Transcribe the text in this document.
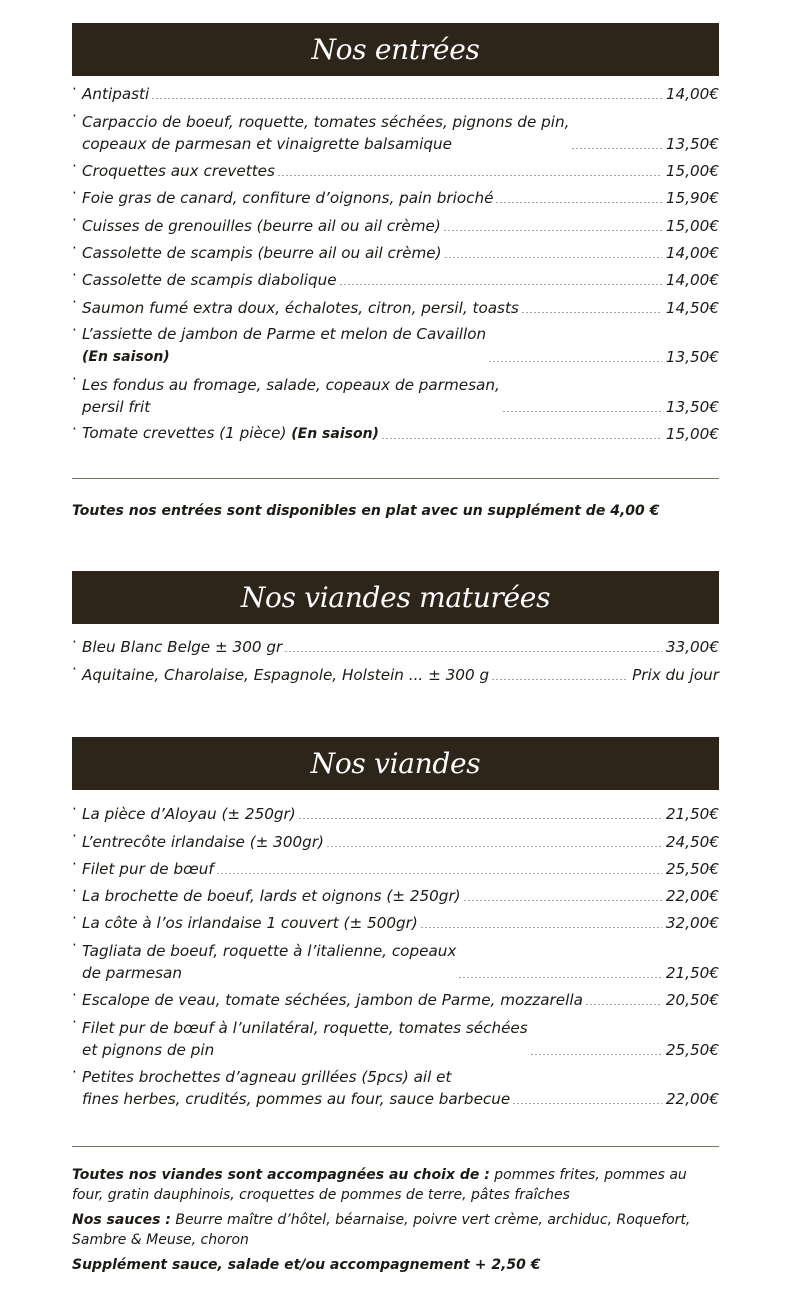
Nos entrées
· Antipasti	14,00€
· Carpaccio de boeuf, roquette, tomates séchées, pignons de pin,
copeaux de parmesan et vinaigrette balsamique	13,50€
· Croquettes aux crevettes	15,00€
· Foie gras de canard, confiture d’oignons, pain brioché	15,90€
· Cuisses de grenouilles (beurre ail ou ail crème)	15,00€
· Cassolette de scampis (beurre ail ou ail crème)	14,00€
· Cassolette de scampis diabolique	14,00€
· Saumon fumé extra doux, échalotes, citron, persil, toasts	14,50€
· L’assiette de jambon de Parme et melon de Cavaillon
(En saison)	13,50€
· Les fondus au fromage, salade, copeaux de parmesan,
persil frit	13,50€
· Tomate crevettes (1 pièce) (En saison)	15,00€
Toutes nos entrées sont disponibles en plat avec un supplément de 4,00 €
Nos viandes maturées
· Bleu Blanc Belge ± 300 gr	33,00€
· Aquitaine, Charolaise, Espagnole, Holstein ... ± 300 g	Prix du jour
Nos viandes
· La pièce d’Aloyau (± 250gr)	21,50€
· L’entrecôte irlandaise (± 300gr)	24,50€
· Filet pur de bœuf	25,50€
· La brochette de boeuf, lards et oignons (± 250gr)	22,00€
· La côte à l’os irlandaise 1 couvert (± 500gr)	32,00€
· Tagliata de boeuf, roquette à l’italienne, copeaux
de parmesan	21,50€
· Escalope de veau, tomate séchées, jambon de Parme, mozzarella	20,50€
· Filet pur de bœuf à l’unilatéral, roquette, tomates séchées
et pignons de pin	25,50€
· Petites brochettes d’agneau grillées (5pcs) ail et
fines herbes, crudités, pommes au four, sauce barbecue	22,00€
Toutes nos viandes sont accompagnées au choix de : pommes frites, pommes au four, gratin dauphinois, croquettes de pommes de terre, pâtes fraîches
Nos sauces : Beurre maître d’hôtel, béarnaise, poivre vert crème, archiduc, Roquefort, Sambre & Meuse, choron
Supplément sauce, salade et/ou accompagnement + 2,50 €
